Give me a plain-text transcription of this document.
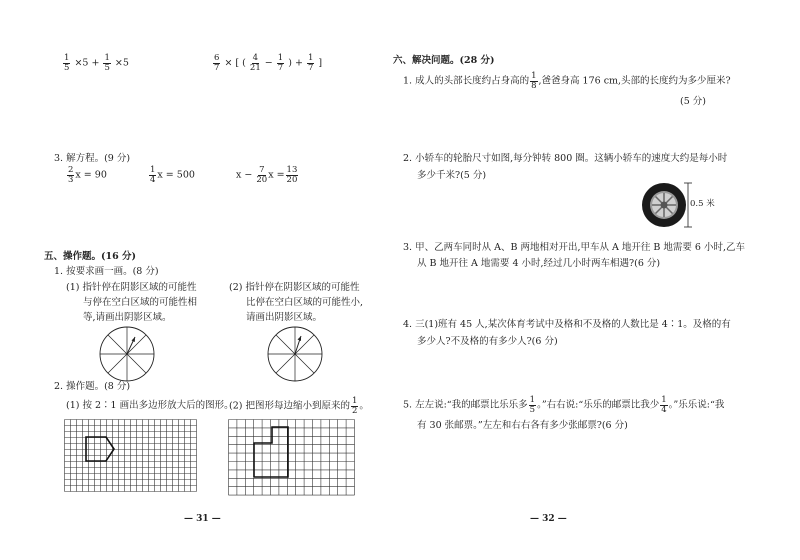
$\frac{1}{5} \times 5 + \frac{1}{5} \times 5$	$\frac{6}{7}$ × [ ( $\frac{4}{21} - \frac{1}{7}$ ) + $\frac{1}{7}$ ]
3. 解方程。(9 分)
$\frac{2}{3}$ x = 90	$\frac{1}{4}$ x = 500	$x - \frac{7}{20}$ $x = \frac{13}{20}$
五、操作题。(16 分)
1. 按要求画一画。(8 分)
(1) 指针停在阴影区域的可能性
与停在空白区域的可能性相
等,请画出阴影区域。
(2) 指针停在阴影区域的可能性
比停在空白区域的可能性小,
请画出阴影区域。
2. 操作题。(8 分)
(1) 按 2∶1 画出多边形放大后的图形。
(2) 把图形每边缩小到原来的 $\frac{1}{2}$ 。
— 31 —
六、解决问题。(28 分)
1. 成人的头部长度约占身高的 $\frac{1}{8}$ ,爸爸身高 176 cm,头部的长度约为多少厘米?
(5 分)
2. 小轿车的轮胎尺寸如图,每分钟转 800 圈。这辆小轿车的速度大约是每小时
多少千米?(5 分)
0.5 米
3. 甲、乙两车同时从 A、B 两地相对开出,甲车从 A 地开往 B 地需要 6 小时,乙车
从 B 地开往 A 地需要 4 小时,经过几小时两车相遇?(6 分)
4. 三(1)班有 45 人,某次体育考试中及格和不及格的人数比是 4∶1。及格的有
多少人?不及格的有多少人?(6 分)
5. 左左说:“我的邮票比乐乐多 $\frac{1}{5}$ 。”右右说:“乐乐的邮票比我少 $\frac{1}{4}$ 。”乐乐说:“我
有 30 张邮票。”左左和右右各有多少张邮票?(6 分)
— 32 —
